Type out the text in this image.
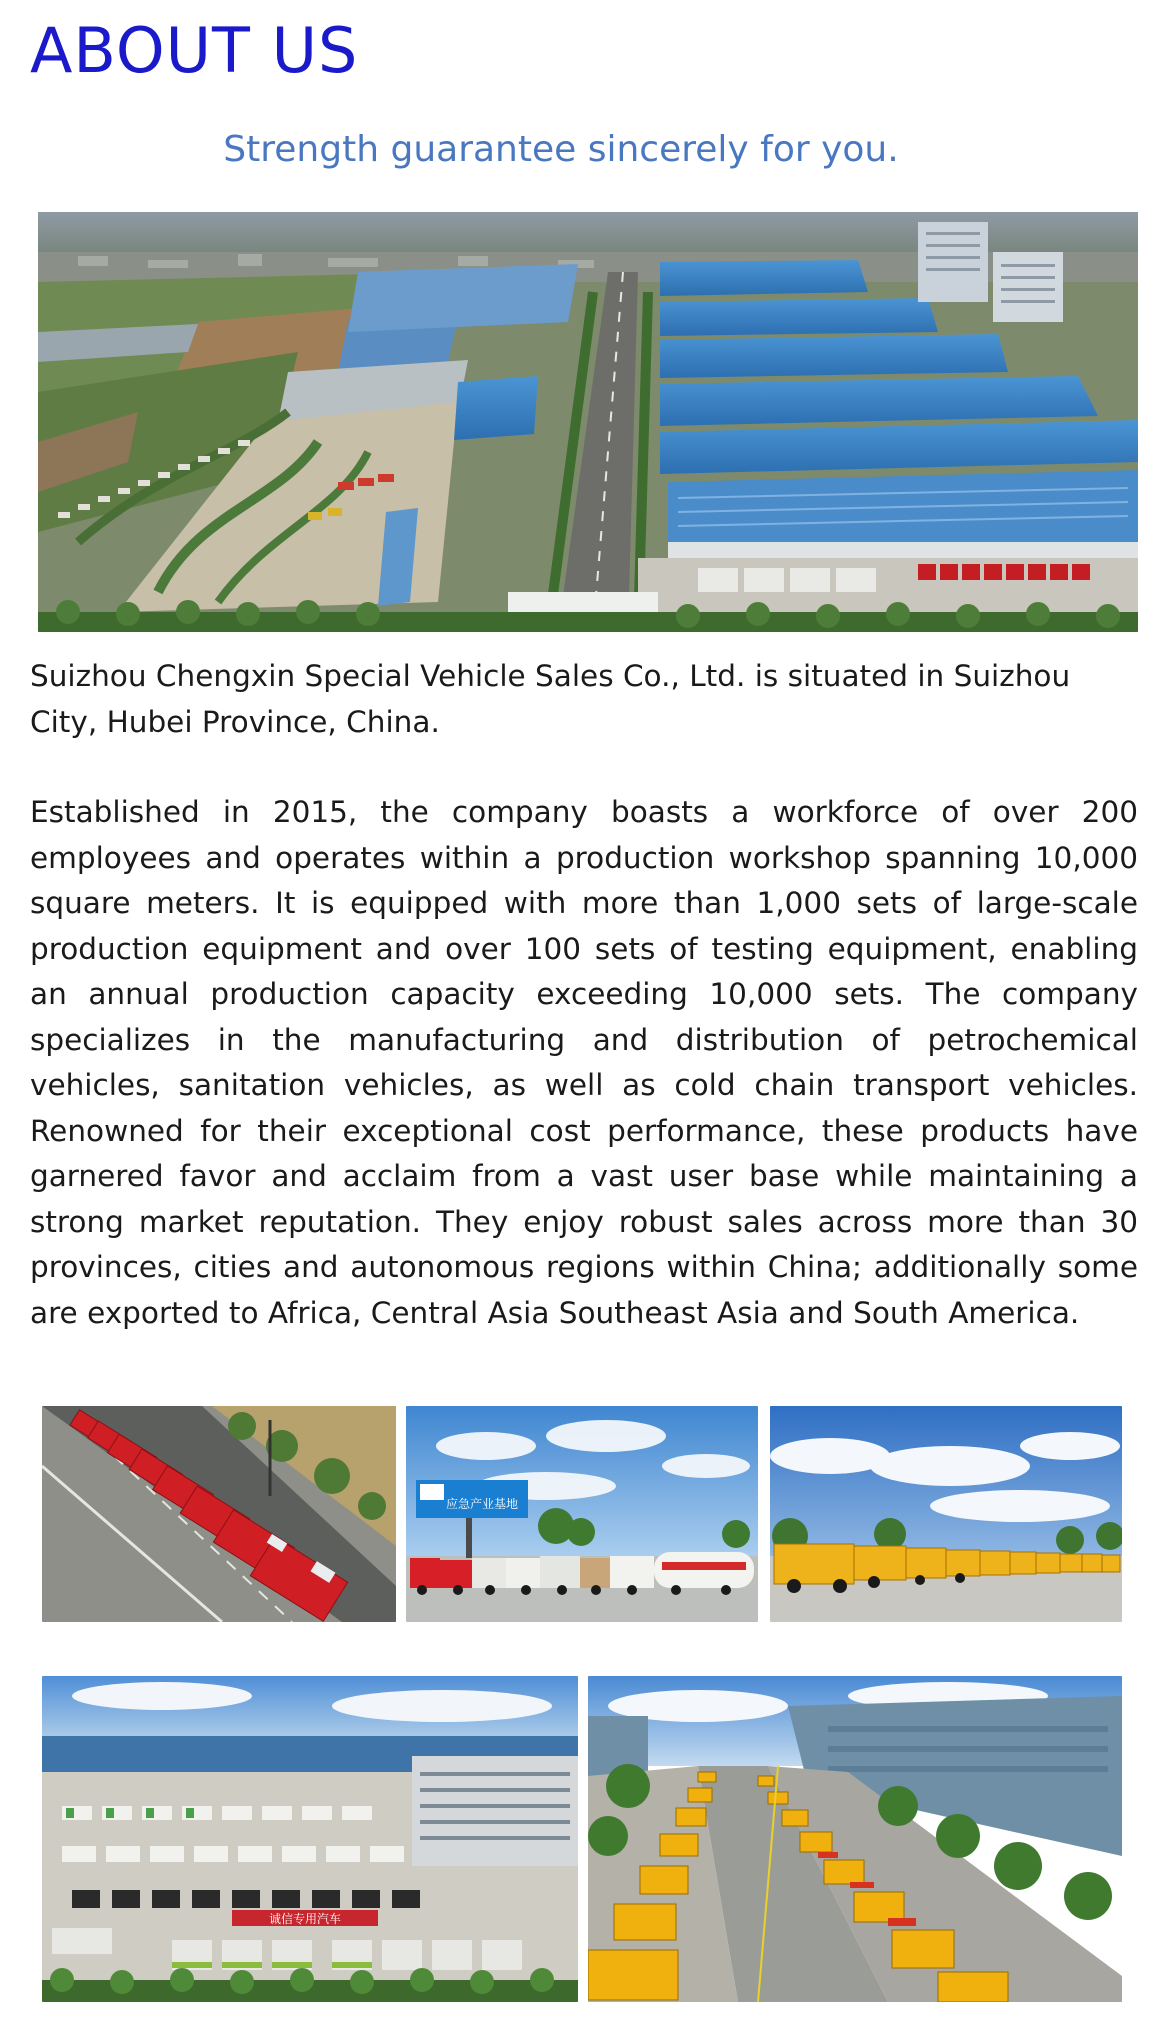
ABOUT US

Strength guarantee sincerely for you.

Suizhou Chengxin Special Vehicle Sales Co., Ltd. is situated in Suizhou City, Hubei Province, China.

Established in 2015, the company boasts a workforce of over 200 employees and operates within a production workshop spanning 10,000 square meters. It is equipped with more than 1,000 sets of large-scale production equipment and over 100 sets of testing equipment, enabling an annual production capacity exceeding 10,000 sets. The company specializes in the manufacturing and distribution of petrochemical vehicles, sanitation vehicles, as well as cold chain transport vehicles. Renowned for their exceptional cost performance, these products have garnered favor and acclaim from a vast user base while maintaining a strong market reputation. They enjoy robust sales across more than 30 provinces, cities and autonomous regions within China; additionally some are exported to Africa, Central Asia Southeast Asia and South America.

应急产业基地
诚信专用汽车
